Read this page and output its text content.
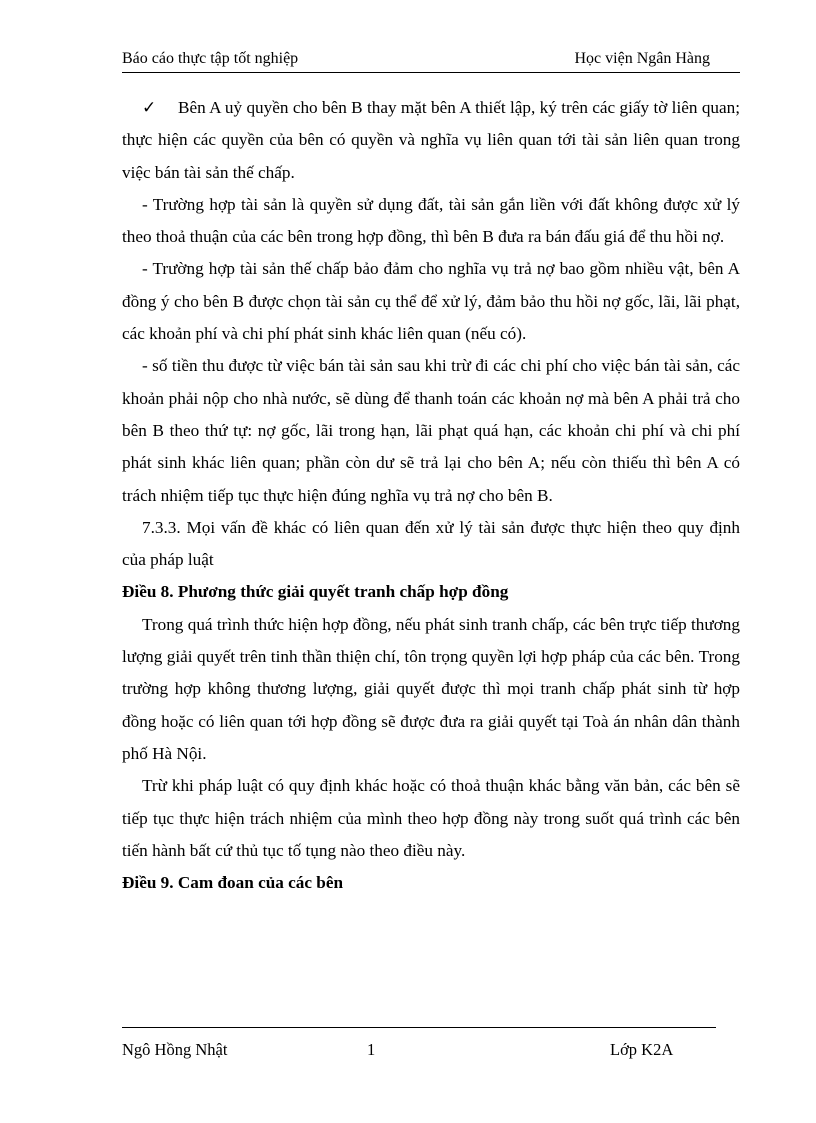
Báo cáo thực tập tốt nghiệp	Học viện Ngân Hàng

✓ Bên A uỷ quyền cho bên B thay mặt bên A thiết lập, ký trên các giấy tờ liên quan; thực hiện các quyền của bên có quyền và nghĩa vụ liên quan tới tài sản liên quan trong việc bán tài sản thế chấp.

- Trường hợp tài sản là quyền sử dụng đất, tài sản gắn liền với đất không được xử lý theo thoả thuận của các bên trong hợp đồng, thì bên B đưa ra bán đấu giá để thu hồi nợ.

- Trường hợp tài sản thế chấp bảo đảm cho nghĩa vụ trả nợ bao gồm nhiều vật, bên A đồng ý cho bên B được chọn tài sản cụ thể để xử lý, đảm bảo thu hồi nợ gốc, lãi, lãi phạt, các khoản phí và chi phí phát sinh khác liên quan (nếu có).

- số tiền thu được từ việc bán tài sản sau khi trừ đi các chi phí cho việc bán tài sản, các khoản phải nộp cho nhà nước, sẽ dùng để thanh toán các khoản nợ mà bên A phải trả cho bên B theo thứ tự: nợ gốc, lãi trong hạn, lãi phạt quá hạn, các khoản chi phí và chi phí phát sinh khác liên quan; phần còn dư sẽ trả lại cho bên A; nếu còn thiếu thì bên A có trách nhiệm tiếp tục thực hiện đúng nghĩa vụ trả nợ cho bên B.

7.3.3. Mọi vấn đề khác có liên quan đến xử lý tài sản được thực hiện theo quy định của pháp luật

Điều 8. Phương thức giải quyết tranh chấp hợp đồng

Trong quá trình thức hiện hợp đồng, nếu phát sinh tranh chấp, các bên trực tiếp thương lượng giải quyết trên tinh thần thiện chí, tôn trọng quyền lợi hợp pháp của các bên. Trong trường hợp không thương lượng, giải quyết được thì mọi tranh chấp phát sinh từ hợp đồng hoặc có liên quan tới hợp đồng sẽ được đưa ra giải quyết tại Toà án nhân dân thành phố Hà Nội.

Trừ khi pháp luật có quy định khác hoặc có thoả thuận khác bằng văn bản, các bên sẽ tiếp tục thực hiện trách nhiệm của mình theo hợp đồng này trong suốt quá trình các bên tiến hành bất cứ thủ tục tố tụng nào theo điều này.

Điều 9. Cam đoan của các bên
Ngô Hồng Nhật	1	Lớp K2A
